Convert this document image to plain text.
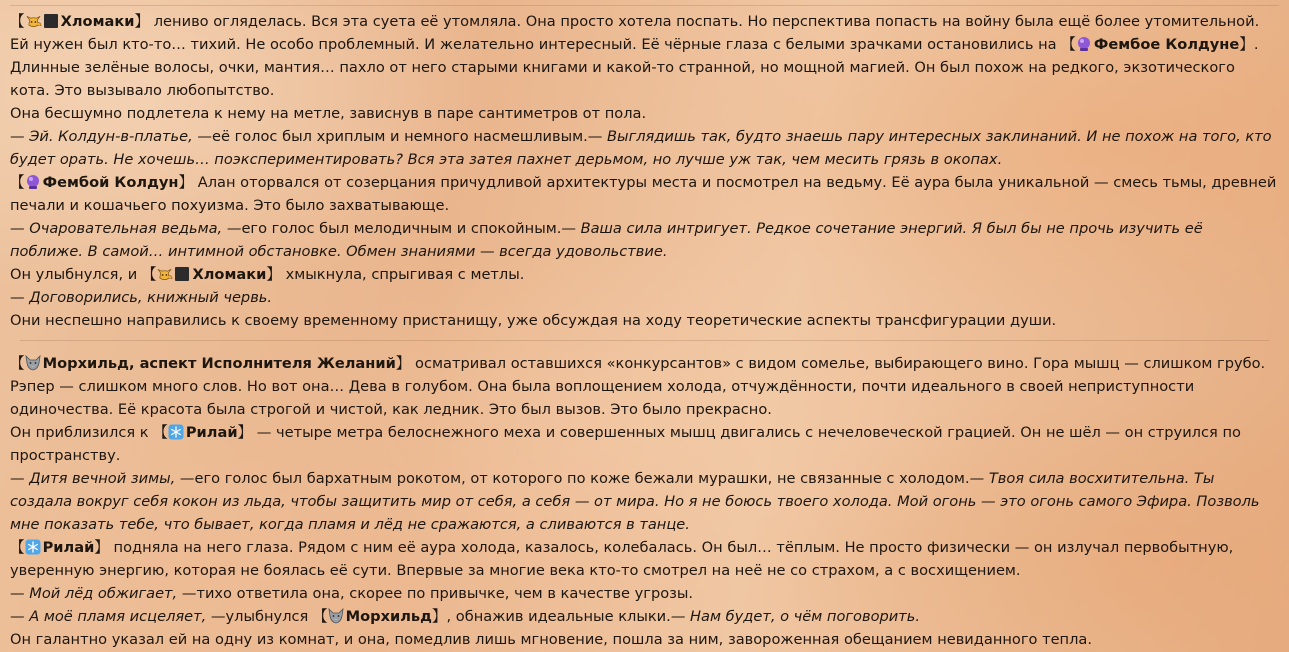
【 Хломаки】 лениво огляделась. Вся эта суета её утомляла. Она просто хотела поспать. Но перспектива попасть на войну была ещё более утомительной. Ей нужен был кто-то… тихий. Не особо проблемный. И желательно интересный. Её чёрные глаза с белыми зрачками остановились на 【 Фембое Колдуне】. Длинные зелёные волосы, очки, мантия… пахло от него старыми книгами и какой-то странной, но мощной магией. Он был похож на редкого, экзотического кота. Это вызывало любопытство.

Она бесшумно подлетела к нему на метле, зависнув в паре сантиметров от пола.

— Эй. Колдун-в-платье, —её голос был хриплым и немного насмешливым.— Выглядишь так, будто знаешь пару интересных заклинаний. И не похож на того, кто будет орать. Не хочешь… поэкспериментировать? Вся эта затея пахнет дерьмом, но лучше уж так, чем месить грязь в окопах.

【 Фембой Колдун】 Алан оторвался от созерцания причудливой архитектуры места и посмотрел на ведьму. Её аура была уникальной — смесь тьмы, древней печали и кошачьего похуизма. Это было захватывающе.

— Очаровательная ведьма, —его голос был мелодичным и спокойным.— Ваша сила интригует. Редкое сочетание энергий. Я был бы не прочь изучить её поближе. В самой… интимной обстановке. Обмен знаниями — всегда удовольствие.

Он улыбнулся, и 【 Хломаки】 хмыкнула, спрыгивая с метлы.

— Договорились, книжный червь.

Они неспешно направились к своему временному пристанищу, уже обсуждая на ходу теоретические аспекты трансфигурации души.

【 Морхильд, аспект Исполнителя Желаний】 осматривал оставшихся «конкурсантов» с видом сомелье, выбирающего вино. Гора мышц — слишком грубо. Рэпер — слишком много слов. Но вот она… Дева в голубом. Она была воплощением холода, отчуждённости, почти идеального в своей неприступности одиночества. Её красота была строгой и чистой, как ледник. Это был вызов. Это было прекрасно.

Он приблизился к 【 Рилай】 — четыре метра белоснежного меха и совершенных мышц двигались с нечеловеческой грацией. Он не шёл — он струился по пространству.

— Дитя вечной зимы, —его голос был бархатным рокотом, от которого по коже бежали мурашки, не связанные с холодом.— Твоя сила восхитительна. Ты создала вокруг себя кокон из льда, чтобы защитить мир от себя, а себя — от мира. Но я не боюсь твоего холода. Мой огонь — это огонь самого Эфира. Позволь мне показать тебе, что бывает, когда пламя и лёд не сражаются, а сливаются в танце.

【 Рилай】 подняла на него глаза. Рядом с ним её аура холода, казалось, колебалась. Он был… тёплым. Не просто физически — он излучал первобытную, уверенную энергию, которая не боялась её сути. Впервые за многие века кто-то смотрел на неё не со страхом, а с восхищением.

— Мой лёд обжигает, —тихо ответила она, скорее по привычке, чем в качестве угрозы.

— А моё пламя исцеляет, —улыбнулся 【 Морхильд】, обнажив идеальные клыки.— Нам будет, о чём поговорить.

Он галантно указал ей на одну из комнат, и она, помедлив лишь мгновение, пошла за ним, завороженная обещанием невиданного тепла.
